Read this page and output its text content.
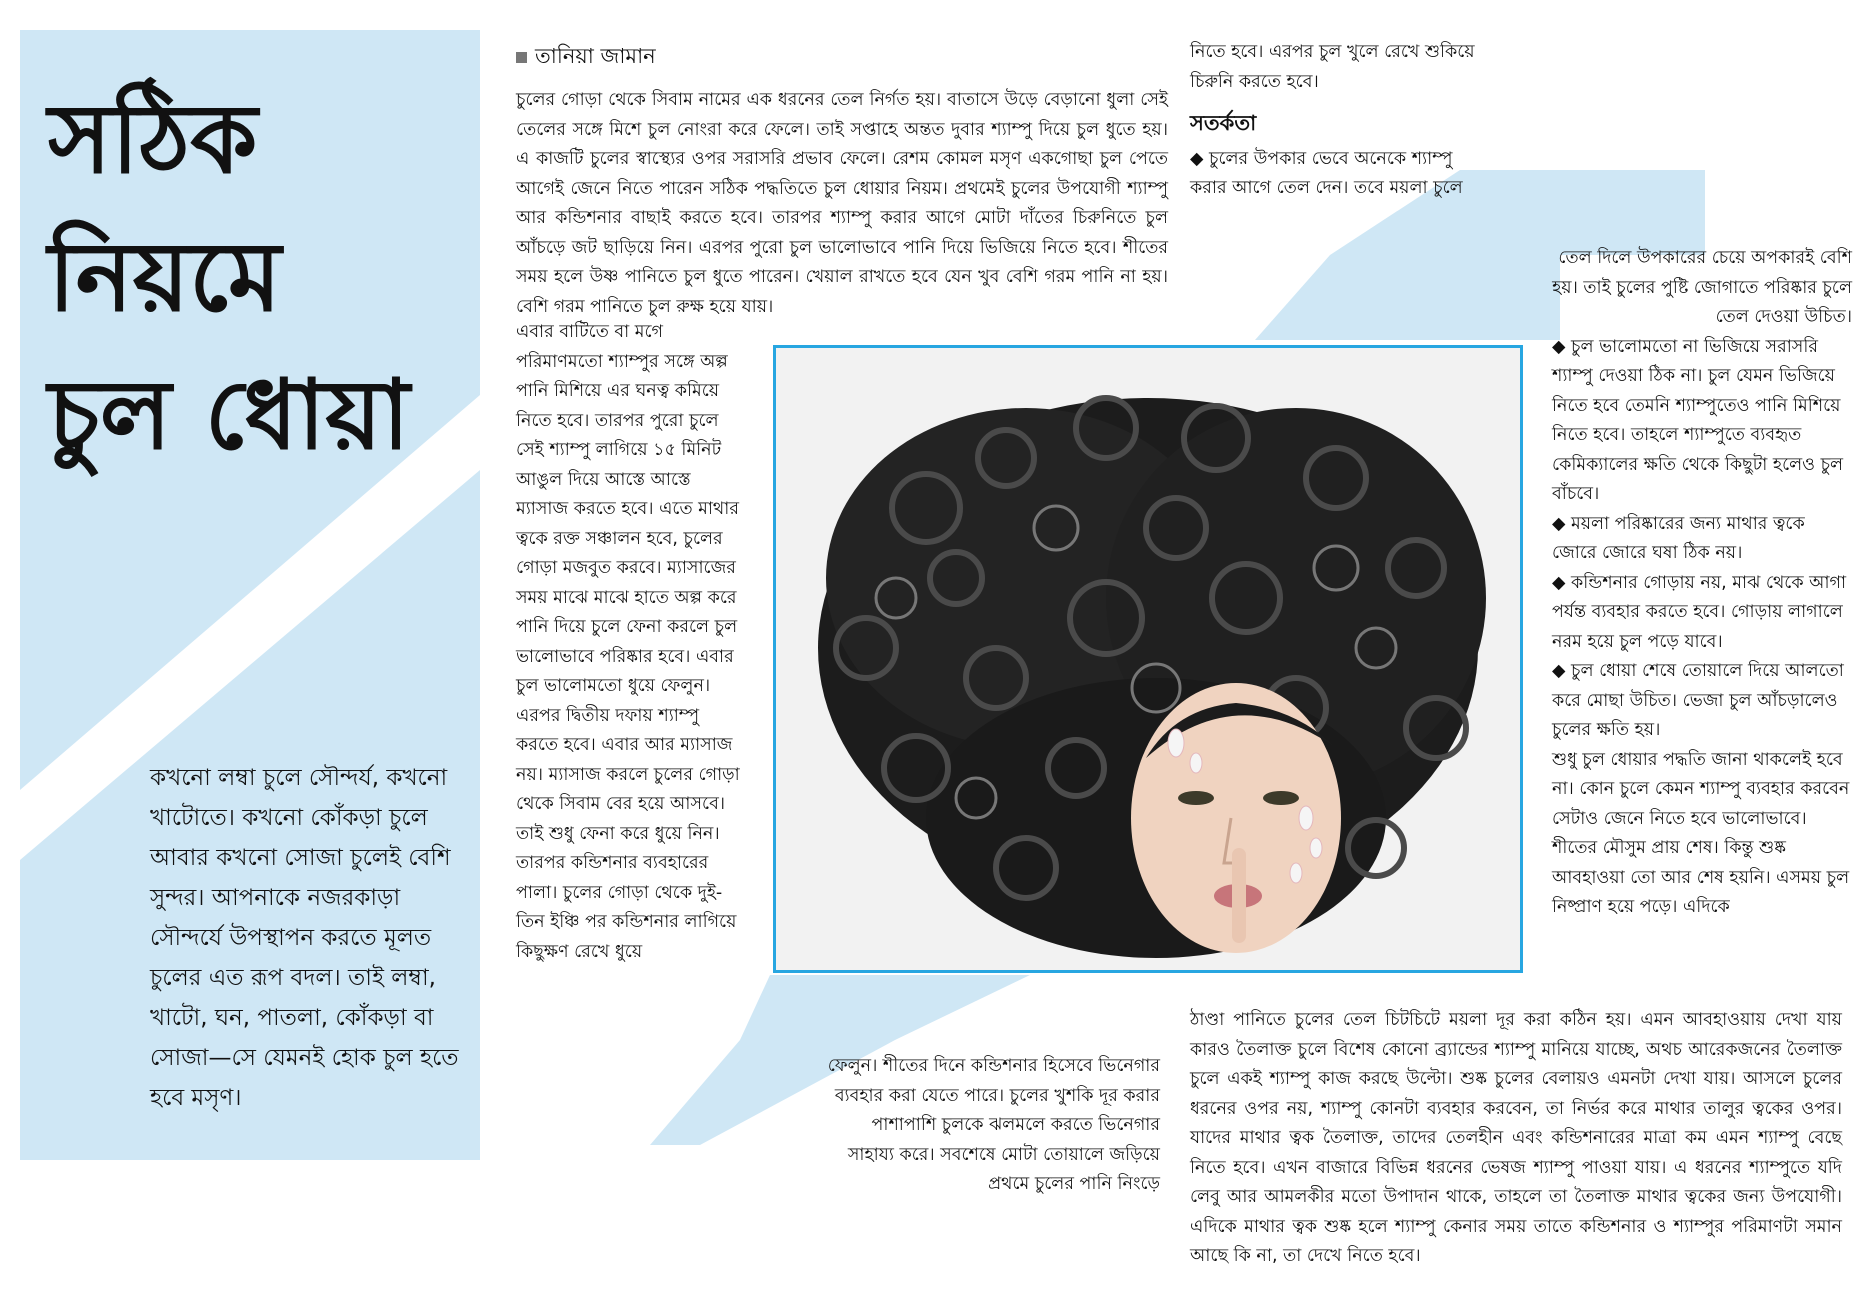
সঠিক
নিয়মে
চুল ধোয়া
কখনো লম্বা চুলে সৌন্দর্য, কখনো খাটোতে। কখনো কোঁকড়া চুলে আবার কখনো সোজা চুলেই বেশি সুন্দর। আপনাকে নজরকাড়া সৌন্দর্যে উপস্থাপন করতে মূলত চুলের এত রূপ বদল। তাই লম্বা, খাটো, ঘন, পাতলা, কোঁকড়া বা সোজা—সে যেমনই হোক চুল হতে হবে মসৃণ।
তানিয়া জামান
চুলের গোড়া থেকে সিবাম নামের এক ধরনের তেল নির্গত হয়। বাতাসে উড়ে বেড়ানো ধুলা সেই তেলের সঙ্গে মিশে চুল নোংরা করে ফেলে। তাই সপ্তাহে অন্তত দুবার শ্যাম্পু দিয়ে চুল ধুতে হয়। এ কাজটি চুলের স্বাস্থ্যের ওপর সরাসরি প্রভাব ফেলে। রেশম কোমল মসৃণ একগোছা চুল পেতে আগেই জেনে নিতে পারেন সঠিক পদ্ধতিতে চুল ধোয়ার নিয়ম। প্রথমেই চুলের উপযোগী শ্যাম্পু আর কন্ডিশনার বাছাই করতে হবে। তারপর শ্যাম্পু করার আগে মোটা দাঁতের চিরুনিতে চুল আঁচড়ে জট ছাড়িয়ে নিন। এরপর পুরো চুল ভালোভাবে পানি দিয়ে ভিজিয়ে নিতে হবে। শীতের সময় হলে উষ্ণ পানিতে চুল ধুতে পারেন। খেয়াল রাখতে হবে যেন খুব বেশি গরম পানি না হয়। বেশি গরম পানিতে চুল রুক্ষ হয়ে যায়।
এবার বাটিতে বা মগে পরিমাণমতো শ্যাম্পুর সঙ্গে অল্প পানি মিশিয়ে এর ঘনত্ব কমিয়ে নিতে হবে। তারপর পুরো চুলে সেই শ্যাম্পু লাগিয়ে ১৫ মিনিট আঙুল দিয়ে আস্তে আস্তে ম্যাসাজ করতে হবে। এতে মাথার ত্বকে রক্ত সঞ্চালন হবে, চুলের গোড়া মজবুত করবে। ম্যাসাজের সময় মাঝে মাঝে হাতে অল্প করে পানি দিয়ে চুলে ফেনা করলে চুল ভালোভাবে পরিষ্কার হবে। এবার চুল ভালোমতো ধুয়ে ফেলুন। এরপর দ্বিতীয় দফায় শ্যাম্পু করতে হবে। এবার আর ম্যাসাজ নয়। ম্যাসাজ করলে চুলের গোড়া থেকে সিবাম বের হয়ে আসবে। তাই শুধু ফেনা করে ধুয়ে নিন। তারপর কন্ডিশনার ব্যবহারের পালা। চুলের গোড়া থেকে দুই-তিন ইঞ্চি পর কন্ডিশনার লাগিয়ে কিছুক্ষণ রেখে ধুয়ে

নিতে হবে। এরপর চুল খুলে রেখে শুকিয়ে চিরুনি করতে হবে।

সতর্কতা

◆ চুলের উপকার ভেবে অনেকে শ্যাম্পু করার আগে তেল দেন। তবে ময়লা চুলে

তেল দিলে উপকারের চেয়ে অপকারই বেশি হয়। তাই চুলের পুষ্টি জোগাতে পরিষ্কার চুলে তেল দেওয়া উচিত।

◆ চুল ভালোমতো না ভিজিয়ে সরাসরি শ্যাম্পু দেওয়া ঠিক না। চুল যেমন ভিজিয়ে নিতে হবে তেমনি শ্যাম্পুতেও পানি মিশিয়ে নিতে হবে। তাহলে শ্যাম্পুতে ব্যবহৃত কেমিক্যালের ক্ষতি থেকে কিছুটা হলেও চুল বাঁচবে।

◆ ময়লা পরিষ্কারের জন্য মাথার ত্বকে জোরে জোরে ঘষা ঠিক নয়।

◆ কন্ডিশনার গোড়ায় নয়, মাঝ থেকে আগা পর্যন্ত ব্যবহার করতে হবে। গোড়ায় লাগালে নরম হয়ে চুল পড়ে যাবে।

◆ চুল ধোয়া শেষে তোয়ালে দিয়ে আলতো করে মোছা উচিত। ভেজা চুল আঁচড়ালেও চুলের ক্ষতি হয়।

শুধু চুল ধোয়ার পদ্ধতি জানা থাকলেই হবে না। কোন চুলে কেমন শ্যাম্পু ব্যবহার করবেন সেটাও জেনে নিতে হবে ভালোভাবে।

শীতের মৌসুম প্রায় শেষ। কিন্তু শুষ্ক আবহাওয়া তো আর শেষ হয়নি। এসময় চুল নিষ্প্রাণ হয়ে পড়ে। এদিকে

ফেলুন। শীতের দিনে কন্ডিশনার হিসেবে ভিনেগার ব্যবহার করা যেতে পারে। চুলের খুশকি দূর করার পাশাপাশি চুলকে ঝলমলে করতে ভিনেগার সাহায্য করে। সবশেষে মোটা তোয়ালে জড়িয়ে প্রথমে চুলের পানি নিংড়ে
ঠাণ্ডা পানিতে চুলের তেল চিটচিটে ময়লা দূর করা কঠিন হয়। এমন আবহাওয়ায় দেখা যায় কারও তৈলাক্ত চুলে বিশেষ কোনো ব্র্যান্ডের শ্যাম্পু মানিয়ে যাচ্ছে, অথচ আরেকজনের তৈলাক্ত চুলে একই শ্যাম্পু কাজ করছে উল্টো। শুষ্ক চুলের বেলায়ও এমনটা দেখা যায়। আসলে চুলের ধরনের ওপর নয়, শ্যাম্পু কোনটা ব্যবহার করবেন, তা নির্ভর করে মাথার তালুর ত্বকের ওপর। যাদের মাথার ত্বক তৈলাক্ত, তাদের তেলহীন এবং কন্ডিশনারের মাত্রা কম এমন শ্যাম্পু বেছে নিতে হবে। এখন বাজারে বিভিন্ন ধরনের ভেষজ শ্যাম্পু পাওয়া যায়। এ ধরনের শ্যাম্পুতে যদি লেবু আর আমলকীর মতো উপাদান থাকে, তাহলে তা তৈলাক্ত মাথার ত্বকের জন্য উপযোগী। এদিকে মাথার ত্বক শুষ্ক হলে শ্যাম্পু কেনার সময় তাতে কন্ডিশনার ও শ্যাম্পুর পরিমাণটা সমান আছে কি না, তা দেখে নিতে হবে।
